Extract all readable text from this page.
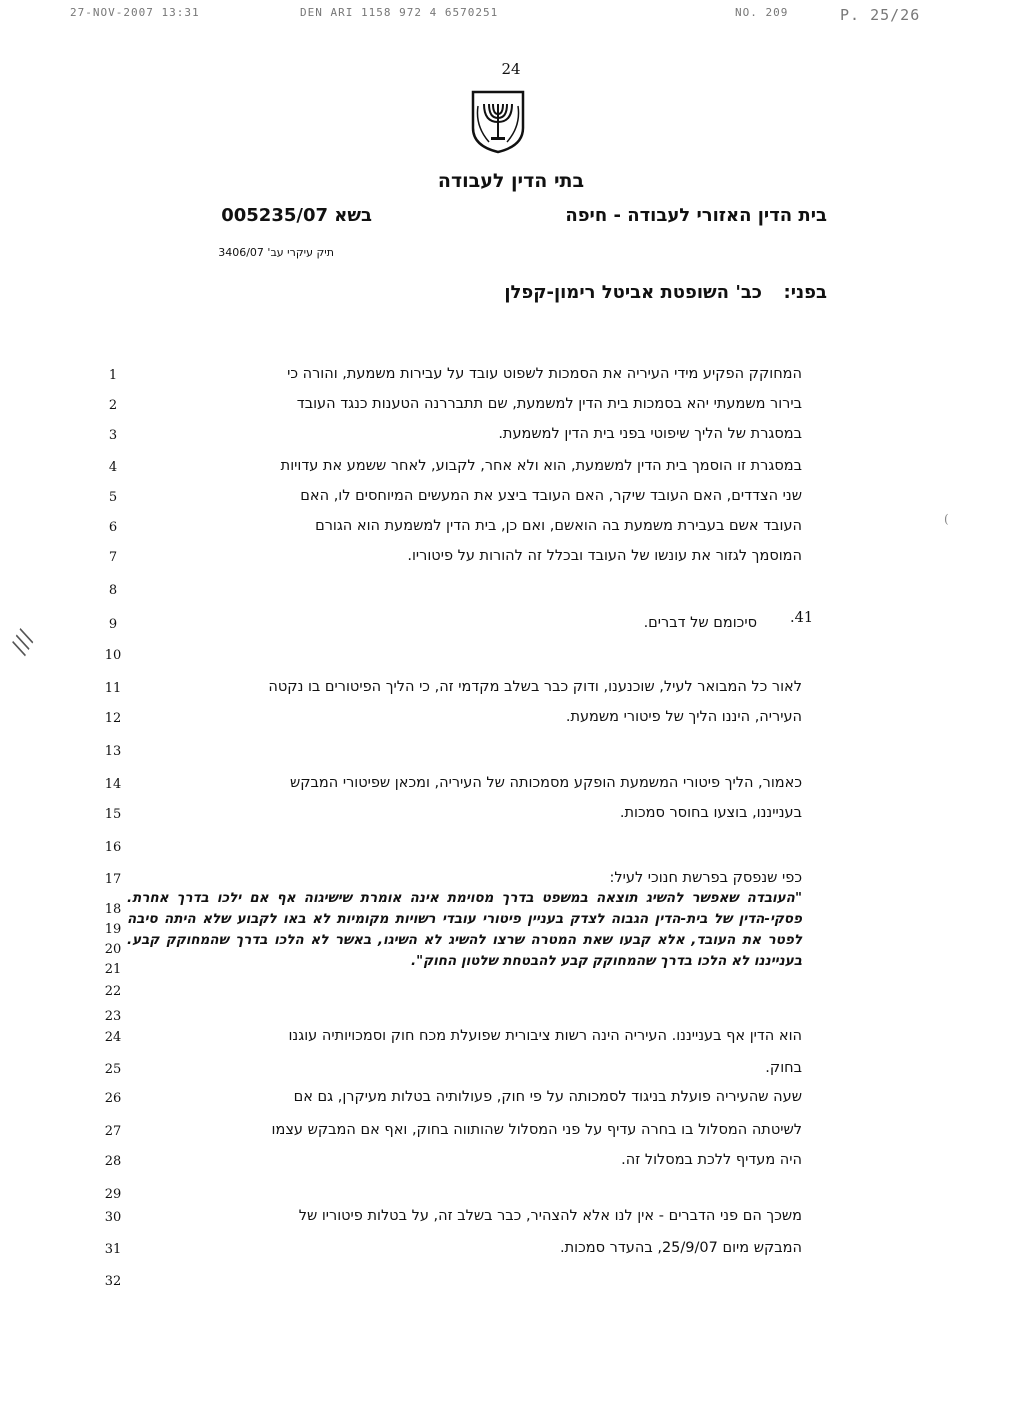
27-NOV-2007 13:31	DEN ARI 1158 972 4 6570251	NO. 209	P. 25/26
24
בתי הדין לעבודה
בית הדין האזורי לעבודה - חיפה
בשא 005235/07
תיק עיקרי עב' 3406/07
בפני:
כב' השופטת אביטל רימון-קפלן
.41
1	המחוקק הפקיע מידי העיריה את הסמכות לשפוט עובד על עבירות משמעת, והורה כי
2	בירור משמעתי יהא בסמכות בית הדין למשמעת, שם תתבררנה הטענות כנגד העובד
3	במסגרת של הליך שיפוטי בפני בית הדין למשמעת.
4	במסגרת זו הוסמך בית הדין למשמעת, הוא ולא אחר, לקבוע, לאחר ששמע את עדויות
5	שני הצדדים, האם העובד שיקר, האם העובד ביצע את המעשים המיוחסים לו, האם
6	העובד אשם בעבירת משמעת בה הואשם, ואם כן, בית הדין למשמעת הוא הגורם
7	המוסמך לגזור את עונשו של העובד ובכלל זה להורות על פיטוריו.
8
9	סיכומם של דברים.
10
11	לאור כל המבואר לעיל, שוכנענו, ודוק כבר בשלב מקדמי זה, כי הליך הפיטורים בו נקטה
12	העיריה, היננו הליך של פיטורי משמעת.
13
14	כאמור, הליך פיטורי המשמעת הופקע מסמכותה של העיריה, ומכאן שפיטורי המבקש
15	בענייננו, בוצעו בחוסר סמכות.
16
17	כפי שנפסק בפרשת חנוכי לעיל:
18
19
20
21
22
23
24	הוא הדין אף בענייננו. העיריה הינה רשות ציבורית שפועלת מכח חוק וסמכויותיה עוגנו
25	בחוק.
26	שעה שהעיריה פועלת בניגוד לסמכותה על פי חוק, פעולותיה בטלות מעיקרן, גם אם
27	לשיטתה המסלול בו בחרה עדיף על פני המסלול שהותווה בחוק, ואף אם המבקש עצמו
28	היה מעדיף ללכת במסלול זה.
29
30	משכך הם פני הדברים - אין לנו אלא להצהיר, כבר בשלב זה, על בטלות פיטוריו של
31	המבקש מיום 25/9/07, בהעדר סמכות.
32
"העובדה שאפשר להשיג תוצאה במשפט בדרך מסוימת אינה אומרת שישיגוה אף אם ילכו בדרך אחרת. פסקי-הדין של בית-הדין הגבוה לצדק בעניין פיטורי עובדי רשויות מקומיות לא באו לקבוע שלא היתה סיבה לפטר את העובד, אלא קבעו שאת המטרה שרצו להשיג לא השיגו, באשר לא הלכו בדרך שהמחוקק קבע. בענייננו לא הלכו בדרך שהמחוקק קבע להבטחת שלטון החוק".
///
(
